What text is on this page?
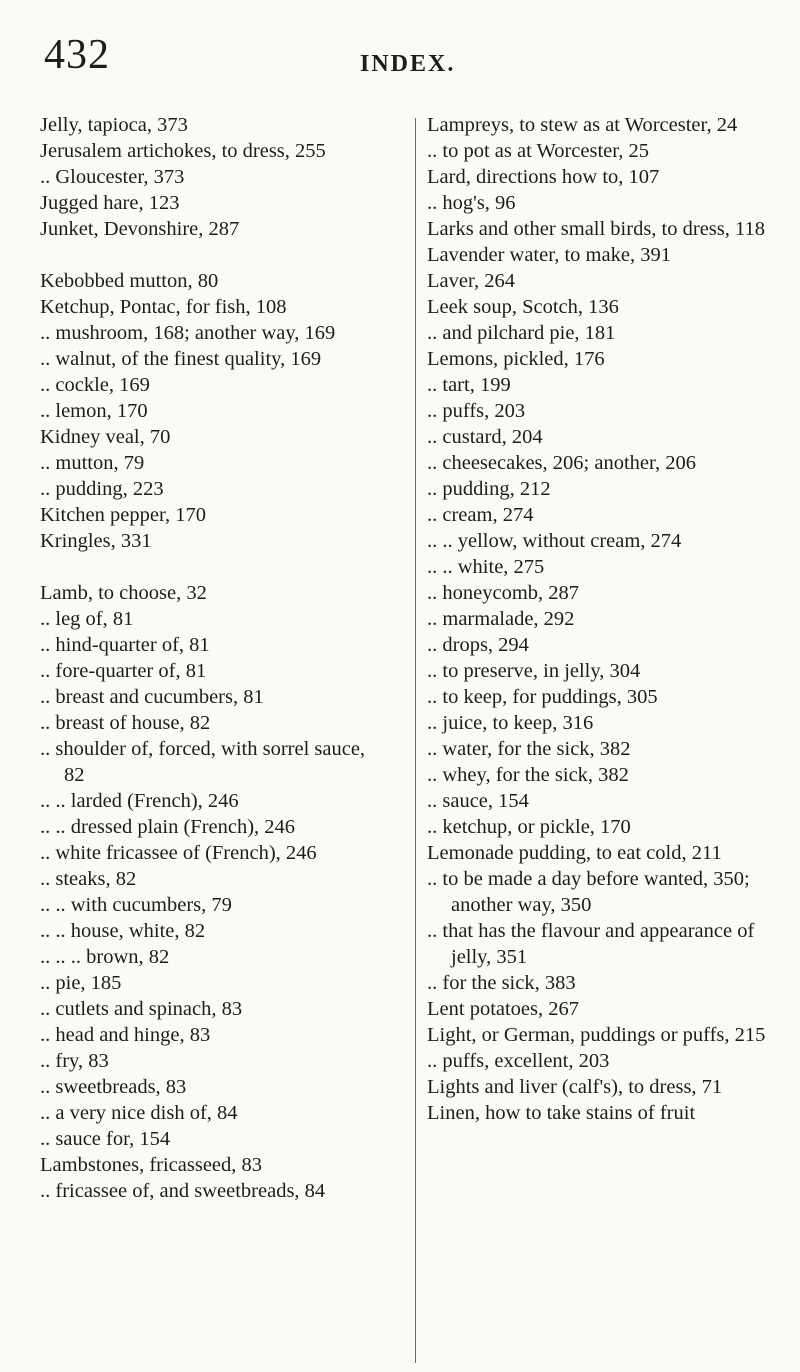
432	INDEX.

Jelly, tapioca, 373

Jerusalem artichokes, to dress, 255

.. Gloucester, 373

Jugged hare, 123

Junket, Devonshire, 287

Kebobbed mutton, 80

Ketchup, Pontac, for fish, 108

.. mushroom, 168; another way, 169

.. walnut, of the finest quality, 169

.. cockle, 169

.. lemon, 170

Kidney veal, 70

.. mutton, 79

.. pudding, 223

Kitchen pepper, 170

Kringles, 331

Lamb, to choose, 32

.. leg of, 81

.. hind-quarter of, 81

.. fore-quarter of, 81

.. breast and cucumbers, 81

.. breast of house, 82

.. shoulder of, forced, with sorrel sauce, 82

.. .. larded (French), 246

.. .. dressed plain (French), 246

.. white fricassee of (French), 246

.. steaks, 82

.. .. with cucumbers, 79

.. .. house, white, 82

.. .. .. brown, 82

.. pie, 185

.. cutlets and spinach, 83

.. head and hinge, 83

.. fry, 83

.. sweetbreads, 83

.. a very nice dish of, 84

.. sauce for, 154

Lambstones, fricasseed, 83

.. fricassee of, and sweetbreads, 84

Lampreys, to stew as at Worcester, 24

.. to pot as at Worcester, 25

Lard, directions how to, 107

.. hog's, 96

Larks and other small birds, to dress, 118

Lavender water, to make, 391

Laver, 264

Leek soup, Scotch, 136

.. and pilchard pie, 181

Lemons, pickled, 176

.. tart, 199

.. puffs, 203

.. custard, 204

.. cheesecakes, 206; another, 206

.. pudding, 212

.. cream, 274

.. .. yellow, without cream, 274

.. .. white, 275

.. honeycomb, 287

.. marmalade, 292

.. drops, 294

.. to preserve, in jelly, 304

.. to keep, for puddings, 305

.. juice, to keep, 316

.. water, for the sick, 382

.. whey, for the sick, 382

.. sauce, 154

.. ketchup, or pickle, 170

Lemonade pudding, to eat cold, 211

.. to be made a day before wanted, 350; another way, 350

.. that has the flavour and appearance of jelly, 351

.. for the sick, 383

Lent potatoes, 267

Light, or German, puddings or puffs, 215

.. puffs, excellent, 203

Lights and liver (calf's), to dress, 71

Linen, how to take stains of fruit
